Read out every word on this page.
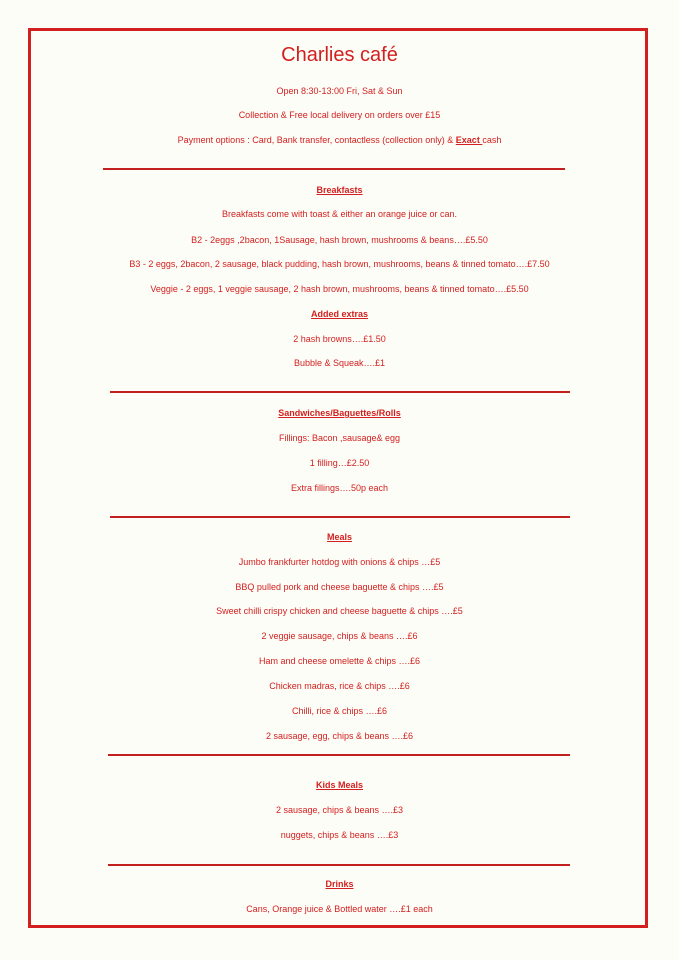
Charlies café
Open 8:30-13:00 Fri, Sat & Sun
Collection & Free local delivery on orders over £15
Payment options : Card, Bank transfer, contactless (collection only) & Exact cash
Breakfasts
Breakfasts come with toast & either an orange juice or can.
B2 - 2eggs ,2bacon, 1Sausage, hash brown, mushrooms & beans….£5.50
B3 - 2 eggs, 2bacon, 2 sausage, black pudding, hash brown, mushrooms, beans & tinned tomato….£7.50
Veggie - 2 eggs, 1 veggie sausage, 2 hash brown, mushrooms, beans & tinned tomato….£5.50
Added extras
2 hash browns….£1.50
Bubble & Squeak….£1
Sandwiches/Baguettes/Rolls
Fillings: Bacon ,sausage& egg
1 filling…£2.50
Extra fillings….50p each
Meals
Jumbo frankfurter hotdog with onions & chips …£5
BBQ pulled pork and cheese baguette & chips ….£5
Sweet chilli crispy chicken and cheese baguette & chips ….£5
2 veggie sausage, chips & beans ….£6
Ham and cheese omelette & chips ….£6
Chicken madras, rice & chips ….£6
Chilli, rice & chips ….£6
2 sausage, egg, chips & beans ….£6
Kids Meals
2 sausage, chips & beans ….£3
nuggets, chips & beans ….£3
Drinks
Cans, Orange juice & Bottled water ….£1 each
